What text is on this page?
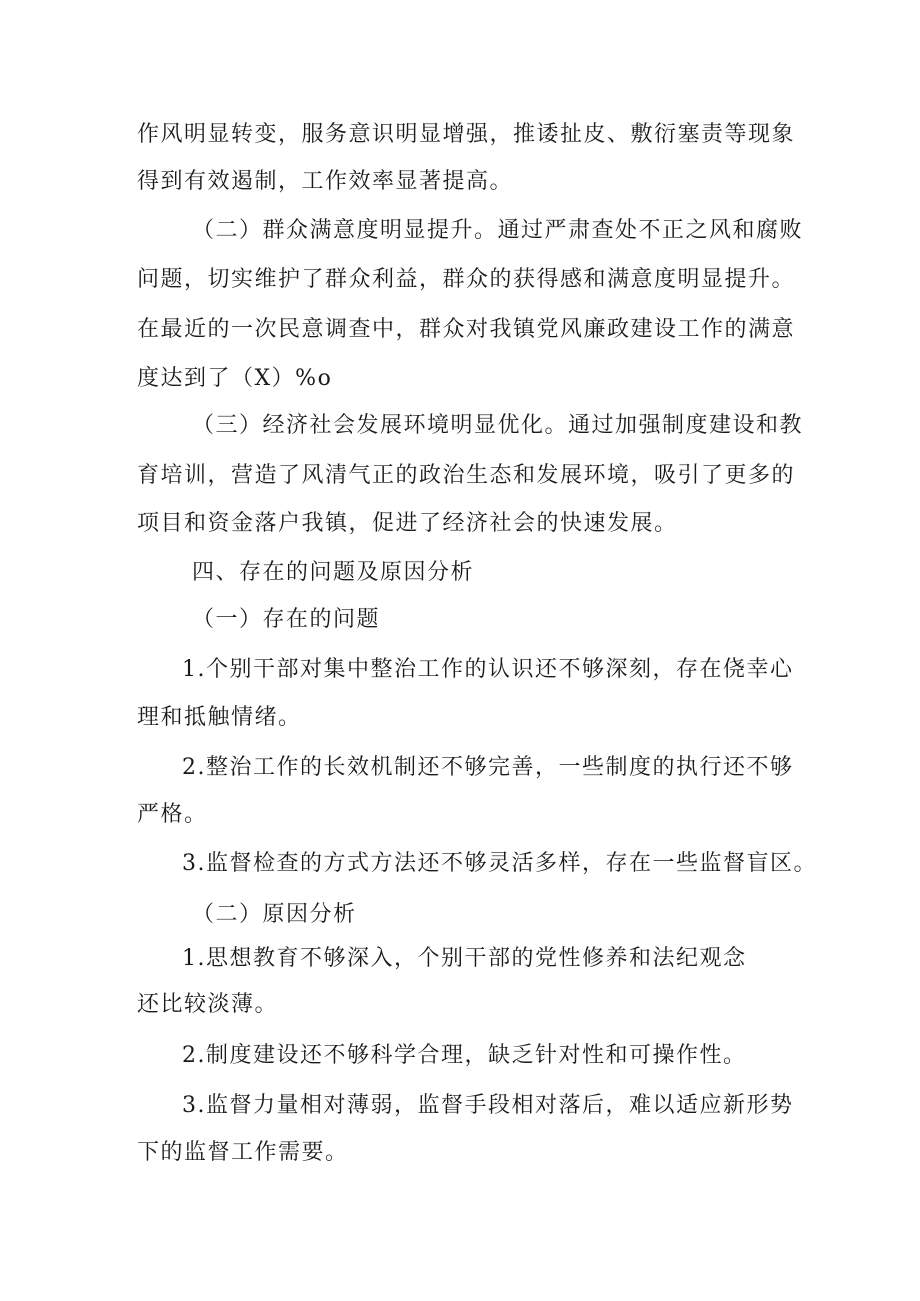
作风明显转变，服务意识明显增强，推诿扯皮、敷衍塞责等现象
得到有效遏制，工作效率显著提高。
（二）群众满意度明显提升。通过严肃查处不正之风和腐败
问题，切实维护了群众利益，群众的获得感和满意度明显提升。
在最近的一次民意调查中，群众对我镇党风廉政建设工作的满意
度达到了（X）%o
（三）经济社会发展环境明显优化。通过加强制度建设和教
育培训，营造了风清气正的政治生态和发展环境，吸引了更多的
项目和资金落户我镇，促进了经济社会的快速发展。
四、存在的问题及原因分析
（一）存在的问题
1.个别干部对集中整治工作的认识还不够深刻，存在侥幸心
理和抵触情绪。
2.整治工作的长效机制还不够完善，一些制度的执行还不够
严格。
3.监督检查的方式方法还不够灵活多样，存在一些监督盲区。
（二）原因分析
1.思想教育不够深入，个别干部的党性修养和法纪观念
还比较淡薄。
2.制度建设还不够科学合理，缺乏针对性和可操作性。
3.监督力量相对薄弱，监督手段相对落后，难以适应新形势
下的监督工作需要。
